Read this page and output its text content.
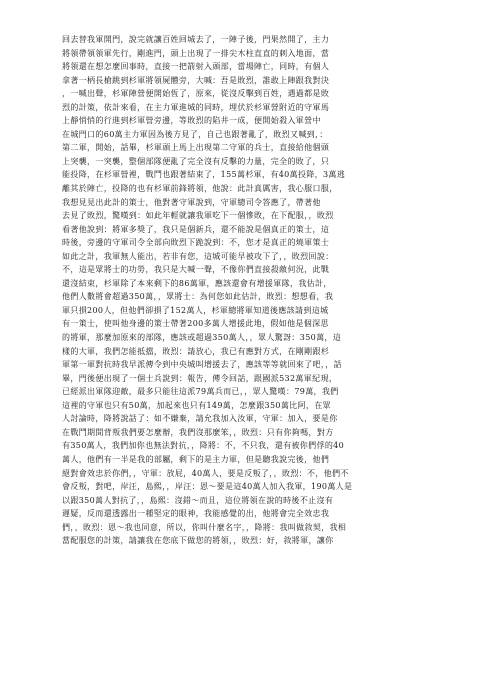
回去替我軍開門，說完就讓百姓回城去了，一陣子後，門果然開了，主力
將領帶領領軍先行，剛進門，頭上出現了一排尖木柱直直的刺入地面，當
將領還在想怎麼回事時，直接一把箭射入頭部，當場陣亡，同時，有個人
拿著一柄長槍跳到杉軍將領屍體旁，大喊：吾是敗烈，誰敢上陣跟我對決
，一喊出聲，杉軍陣營便開始恆了，原來，從沒反擊到百姓，遇過都是敗
烈的計策，依計來看，在主力軍進城的同時，埋伏於杉軍營附近的守軍馬
上靜悄悄的行進到杉軍營旁邊，等敗烈的陷井一成，便開始殺入軍營中
在城門口的60萬主力軍因為後方見了，自己也跟著亂了，敗烈又喊到，：
第二軍，開始，話畢，杉軍頭上馬上出現第二守軍的兵士，直接給他個頭
上突襲，一突襲，整個部隊便亂了完全沒有反擊的力量，完全的敗了，只
能投降，在杉軍營裡，戰鬥也跟著結束了，155萬杉軍，有40萬投降，3萬逃
離其於陣亡，投降的也有杉軍前鋒將領，他說：此計真厲害，我心服口服，
我想見見出此計的策士，他對著守軍說到，守軍總司令答應了，帶著他
去見了敗烈，驚嘆到：如此年輕就讓我軍吃下一個慘敗，在下配服，，敗烈
看著他說到：將軍多獎了，我只是個新兵，還不能說是個真正的策士，這
時後，旁邊的守軍司令全部向敗烈下跪說到：不，您才是真正的燒軍策士
如此之計，我軍無人能出，若非有您，這城可能早被攻下了，，敗烈回說：
不，這是眾將士的功勞，我只是大喊一聲，不像你們直接殺敵何況，此戰
還沒結束，杉軍除了本來剩下的86萬軍，應該還會有增援軍隊，我估計，
他們人數將會超過350萬，，眾將士：為何您如此估計，敗烈：想想看，我
軍只損200人，但他們卻損了152萬人，杉軍總將軍知道後應該請到這城
有一策士，使叫他身邊的策士帶著200多萬人增援此地，假如他是個深思
的將軍，那麼加原來的部隊，應該或超過350萬人，，眾人驚訝：350萬，這
樣的大軍，我們怎能抵擋，敗烈：請放心，我已有應對方式，在剛剛跟杉
軍第一軍對抗時我早派傳令到中央城叫增援去了，應該等等就回來了吧，，話
畢，門後便出現了一個士兵說到：報告，傳令回話，跟國派532萬軍紀現，
已經派出軍隊迎敵，最多只能往這派79萬兵而已，，眾人驚嘆：79萬，我們
這裡的守軍也只有50萬，加起來也只有149萬，怎麼跟350萬比阿，在眾
人討論時，降將說話了：如不嫌棄，請允我加入汝軍，守軍：加入，要是你
在戰鬥期間背叛我們要怎麼辦，我們沒那麼笨，，敗烈：只有你夠嗎，對方
有350萬人，我們加你也無法對抗，，降將：不，不只我，還有被你們俘的40
萬人，他們有一半是我的部屬，剩下的是主力軍，但是聽我說完後，他們
絕對會效忠於你們，，守軍：放屁，40萬人，要是反叛了，，敗烈：不，他們不
會反叛，對吧，岸汪，島熙，，岸汪：恩～要是這40萬人加入我軍，190萬人是
以跟350萬人對抗了，，島熙：沒錯～而且，這位將領在說的時後不止沒有
遲疑，反而還透露出一種堅定的眼神，我能感覺的出，他將會完全效忠我
們，，敗烈：恩～我也同意，所以，你叫什麼名字，，降將：我叫做敘契，我相
當配服您的計策，請讓我在您底下做您的將領，，敗烈：好，敘將軍，讓你
